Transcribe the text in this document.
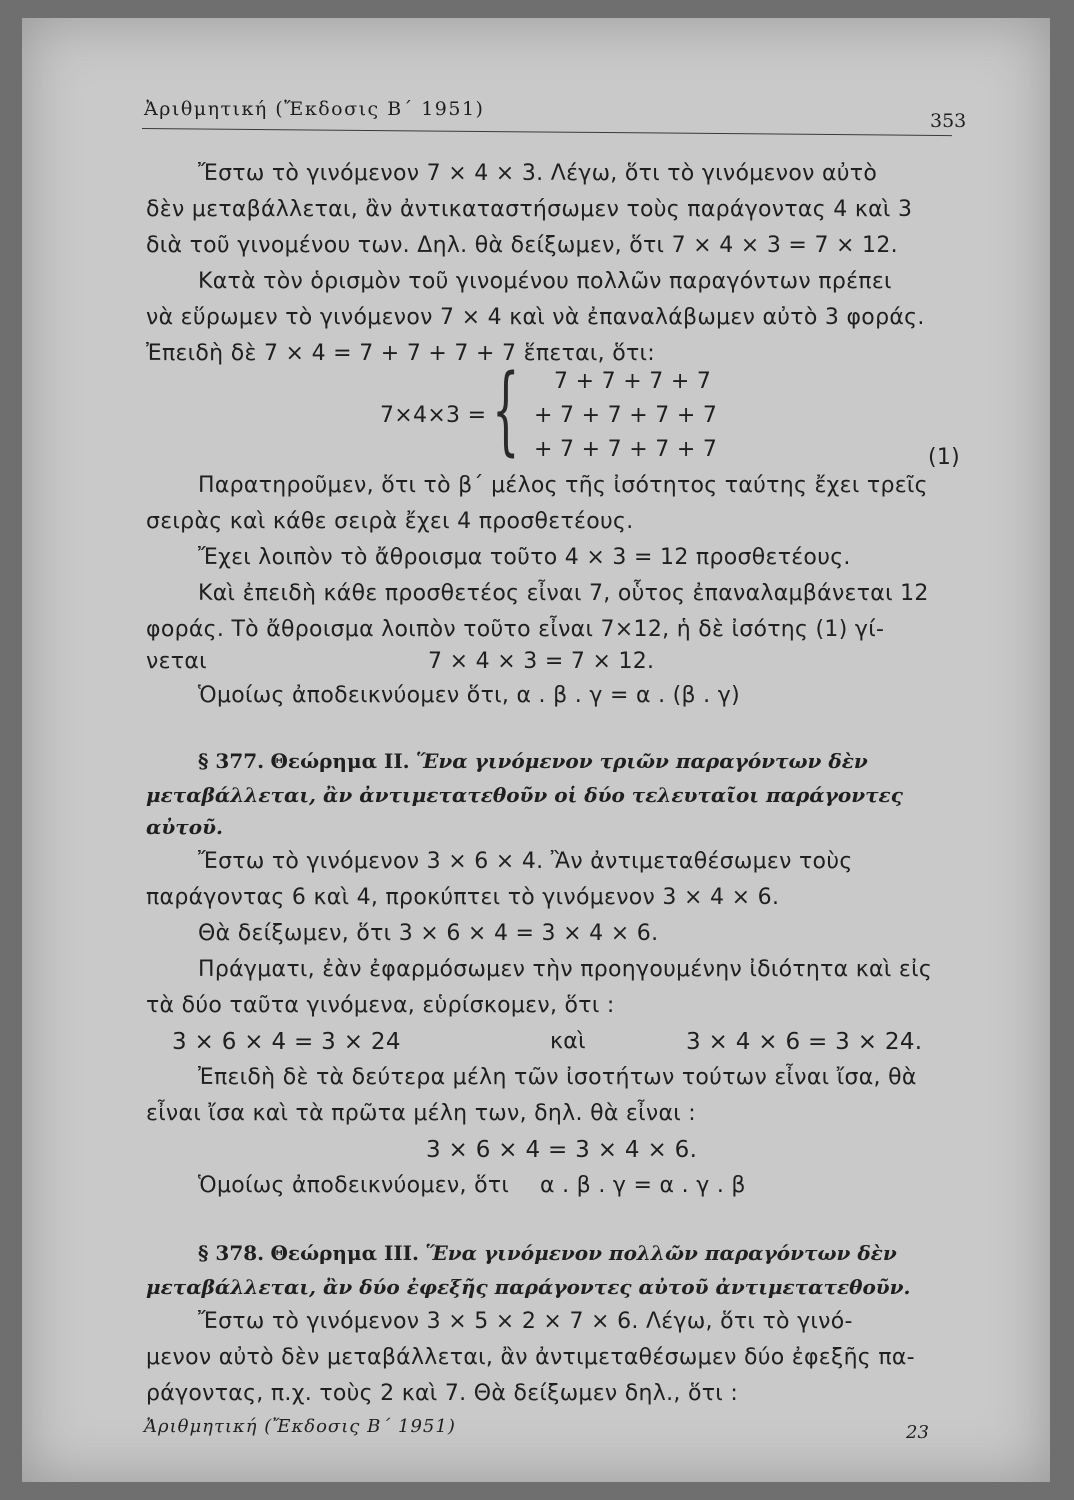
Ἀριθμητική (Ἔκδοσις Β΄ 1951)
353
Ἔστω τὸ γινόμενον 7 × 4 × 3. Λέγω, ὅτι τὸ γινόμενον αὐτὸ
δὲν μεταβάλλεται, ἂν ἀντικαταστήσωμεν τοὺς παράγοντας 4 καὶ 3
διὰ τοῦ γινομένου των. Δηλ. θὰ δείξωμεν, ὅτι 7 × 4 × 3 = 7 × 12.
Κατὰ τὸν ὁρισμὸν τοῦ γινομένου πολλῶν παραγόντων πρέπει
νὰ εὕρωμεν τὸ γινόμενον 7 × 4 καὶ νὰ ἐπαναλάβωμεν αὐτὸ 3 φοράς.
Ἐπειδὴ δὲ 7 × 4 = 7 + 7 + 7 + 7 ἕπεται, ὅτι:
7×4×3 = { 7 + 7 + 7 + 7
+ 7 + 7 + 7 + 7
+ 7 + 7 + 7 + 7	(1)
Παρατηροῦμεν, ὅτι τὸ β΄ μέλος τῆς ἰσότητος ταύτης ἔχει τρεῖς
σειρὰς καὶ κάθε σειρὰ ἔχει 4 προσθετέους.
Ἔχει λοιπὸν τὸ ἄθροισμα τοῦτο 4 × 3 = 12 προσθετέους.
Καὶ ἐπειδὴ κάθε προσθετέος εἶναι 7, οὗτος ἐπαναλαμβάνεται 12
φοράς. Τὸ ἄθροισμα λοιπὸν τοῦτο εἶναι 7×12, ἡ δὲ ἰσότης (1) γί-
νεται	7 × 4 × 3 = 7 × 12.
Ὁμοίως ἀποδεικνύομεν ὅτι, α . β . γ = α . (β . γ)
§ 377. Θεώρημα II. Ἕνα γινόμενον τριῶν παραγόντων δὲν
μεταβάλλεται, ἂν ἀντιμετατεθοῦν οἱ δύο τελευταῖοι παράγοντες
αὐτοῦ.
Ἔστω τὸ γινόμενον 3 × 6 × 4. Ἂν ἀντιμεταθέσωμεν τοὺς
παράγοντας 6 καὶ 4, προκύπτει τὸ γινόμενον 3 × 4 × 6.
Θὰ δείξωμεν, ὅτι 3 × 6 × 4 = 3 × 4 × 6.
Πράγματι, ἐὰν ἐφαρμόσωμεν τὴν προηγουμένην ἰδιότητα καὶ εἰς
τὰ δύο ταῦτα γινόμενα, εὑρίσκομεν, ὅτι :
3 × 6 × 4 = 3 × 24	καὶ	3 × 4 × 6 = 3 × 24.
Ἐπειδὴ δὲ τὰ δεύτερα μέλη τῶν ἰσοτήτων τούτων εἶναι ἴσα, θὰ
εἶναι ἴσα καὶ τὰ πρῶτα μέλη των, δηλ. θὰ εἶναι :
3 × 6 × 4 = 3 × 4 × 6.
Ὁμοίως ἀποδεικνύομεν, ὅτι α . β . γ = α . γ . β
§ 378. Θεώρημα III. Ἕνα γινόμενον πολλῶν παραγόντων δὲν
μεταβάλλεται, ἂν δύο ἐφεξῆς παράγοντες αὐτοῦ ἀντιμετατεθοῦν.
Ἔστω τὸ γινόμενον 3 × 5 × 2 × 7 × 6. Λέγω, ὅτι τὸ γινό-
μενον αὐτὸ δὲν μεταβάλλεται, ἂν ἀντιμεταθέσωμεν δύο ἐφεξῆς πα-
ράγοντας, π.χ. τοὺς 2 καὶ 7. Θὰ δείξωμεν δηλ., ὅτι :
Ἀριθμητική (Ἔκδοσις Β΄ 1951)	23
